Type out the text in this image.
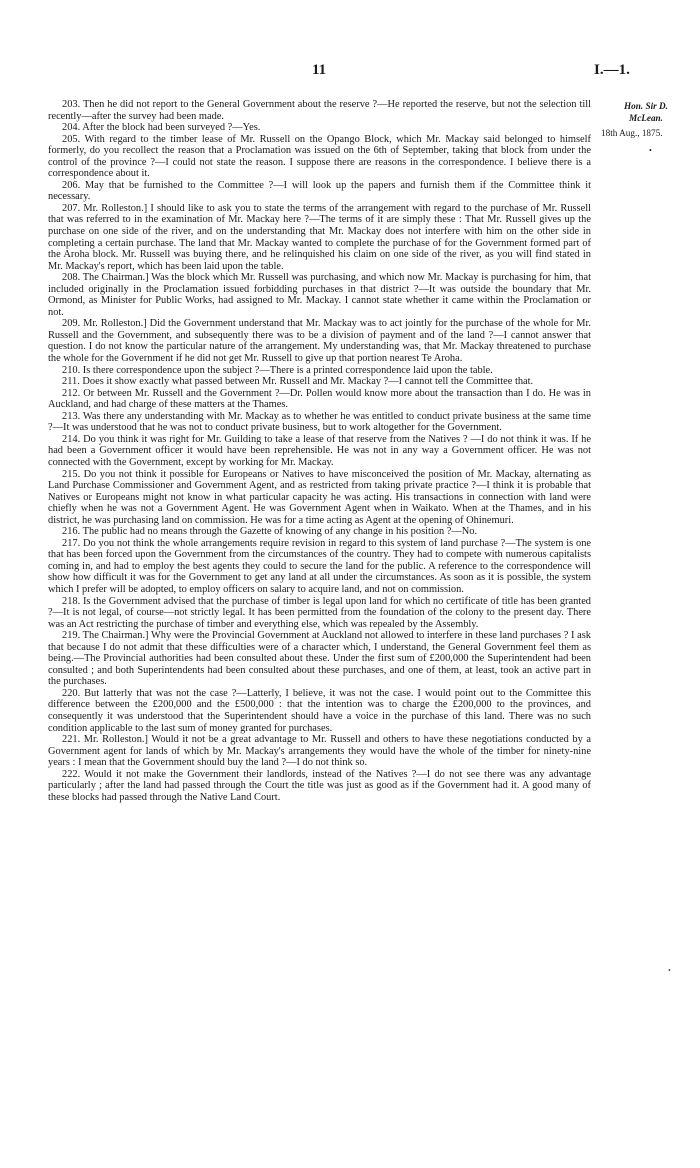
11	I.—1.
Hon. Sir D.
McLean.
18th Aug., 1875.
•

203. Then he did not report to the General Government about the reserve ?—He reported the reserve, but not the selection till recently—after the survey had been made.

204. After the block had been surveyed ?—Yes.

205. With regard to the timber lease of Mr. Russell on the Opango Block, which Mr. Mackay said belonged to himself formerly, do you recollect the reason that a Proclamation was issued on the 6th of September, taking that block from under the control of the province ?—I could not state the reason. I suppose there are reasons in the correspondence. I believe there is a correspondence about it.

206. May that be furnished to the Committee ?—I will look up the papers and furnish them if the Committee think it necessary.

207. Mr. Rolleston.] I should like to ask you to state the terms of the arrangement with regard to the purchase of Mr. Russell that was referred to in the examination of Mr. Mackay here ?—The terms of it are simply these : That Mr. Russell gives up the purchase on one side of the river, and on the understanding that Mr. Mackay does not interfere with him on the other side in completing a certain purchase. The land that Mr. Mackay wanted to complete the purchase of for the Government formed part of the Aroha block. Mr. Russell was buying there, and he relinquished his claim on one side of the river, as you will find stated in Mr. Mackay's report, which has been laid upon the table.

208. The Chairman.] Was the block which Mr. Russell was purchasing, and which now Mr. Mackay is purchasing for him, that included originally in the Proclamation issued forbidding purchases in that district ?—It was outside the boundary that Mr. Ormond, as Minister for Public Works, had assigned to Mr. Mackay. I cannot state whether it came within the Proclamation or not.

209. Mr. Rolleston.] Did the Government understand that Mr. Mackay was to act jointly for the purchase of the whole for Mr. Russell and the Government, and subsequently there was to be a division of payment and of the land ?—I cannot answer that question. I do not know the particular nature of the arrangement. My understanding was, that Mr. Mackay threatened to purchase the whole for the Government if he did not get Mr. Russell to give up that portion nearest Te Aroha.

210. Is there correspondence upon the subject ?—There is a printed correspondence laid upon the table.

211. Does it show exactly what passed between Mr. Russell and Mr. Mackay ?—I cannot tell the Committee that.

212. Or between Mr. Russell and the Government ?—Dr. Pollen would know more about the transaction than I do. He was in Auckland, and had charge of these matters at the Thames.

213. Was there any understanding with Mr. Mackay as to whether he was entitled to conduct private business at the same time ?—It was understood that he was not to conduct private business, but to work altogether for the Government.

214. Do you think it was right for Mr. Guilding to take a lease of that reserve from the Natives ? —I do not think it was. If he had been a Government officer it would have been reprehensible. He was not in any way a Government officer. He was not connected with the Government, except by working for Mr. Mackay.

215. Do you not think it possible for Europeans or Natives to have misconceived the position of Mr. Mackay, alternating as Land Purchase Commissioner and Government Agent, and as restricted from taking private practice ?—I think it is probable that Natives or Europeans might not know in what particular capacity he was acting. His transactions in connection with land were chiefly when he was not a Government Agent. He was Government Agent when in Waikato. When at the Thames, and in his district, he was purchasing land on commission. He was for a time acting as Agent at the opening of Ohinemuri.

216. The public had no means through the Gazette of knowing of any change in his position ?—No.

217. Do you not think the whole arrangements require revision in regard to this system of land purchase ?—The system is one that has been forced upon the Government from the circumstances of the country. They had to compete with numerous capitalists coming in, and had to employ the best agents they could to secure the land for the public. A reference to the correspondence will show how difficult it was for the Government to get any land at all under the circumstances. As soon as it is possible, the system which I prefer will be adopted, to employ officers on salary to acquire land, and not on commission.

218. Is the Government advised that the purchase of timber is legal upon land for which no certificate of title has been granted ?—It is not legal, of course—not strictly legal. It has been permitted from the foundation of the colony to the present day. There was an Act restricting the purchase of timber and everything else, which was repealed by the Assembly.

219. The Chairman.] Why were the Provincial Government at Auckland not allowed to interfere in these land purchases ? I ask that because I do not admit that these difficulties were of a character which, I understand, the General Government feel them as being.—The Provincial authorities had been consulted about these. Under the first sum of £200,000 the Superintendent had been consulted ; and both Superintendents had been consulted about these purchases, and one of them, at least, took an active part in the purchases.

220. But latterly that was not the case ?—Latterly, I believe, it was not the case. I would point out to the Committee this difference between the £200,000 and the £500,000 : that the intention was to charge the £200,000 to the provinces, and consequently it was understood that the Superintendent should have a voice in the purchase of this land. There was no such condition applicable to the last sum of money granted for purchases.

221. Mr. Rolleston.] Would it not be a great advantage to Mr. Russell and others to have these negotiations conducted by a Government agent for lands of which by Mr. Mackay's arrangements they would have the whole of the timber for ninety-nine years : I mean that the Government should buy the land ?—I do not think so.

222. Would it not make the Government their landlords, instead of the Natives ?—I do not see there was any advantage particularly ; after the land had passed through the Court the title was just as good as if the Government had it. A good many of these blocks had passed through the Native Land Court.

•
